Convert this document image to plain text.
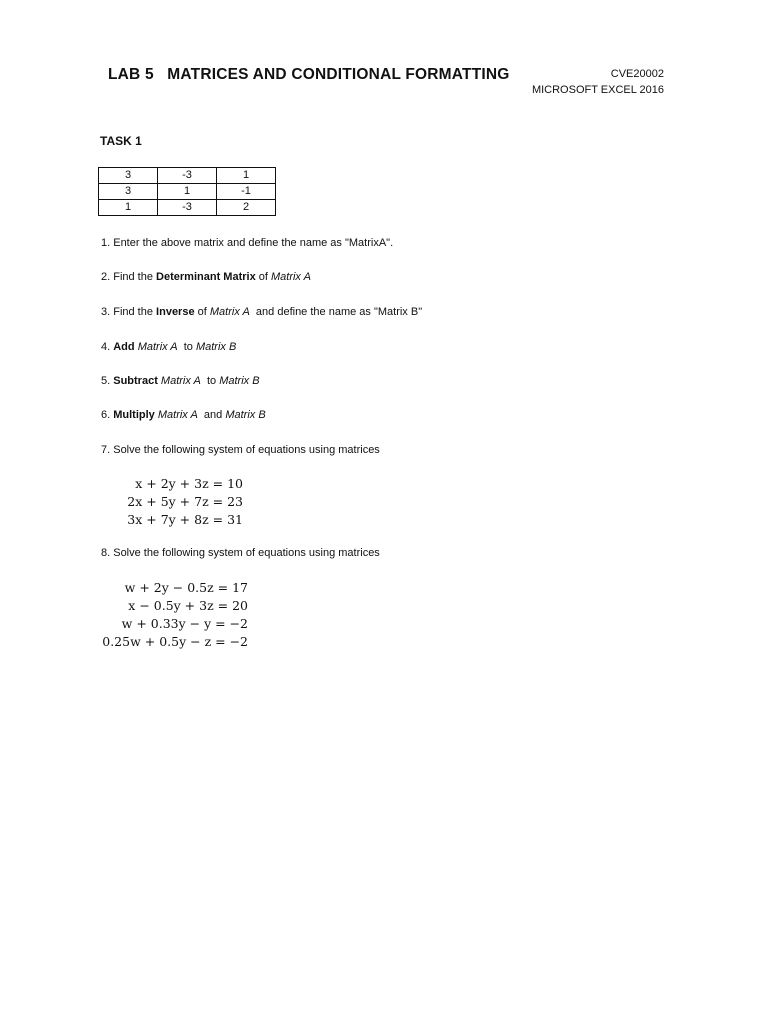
LAB 5   MATRICES AND CONDITIONAL FORMATTING	CVE20002
MICROSOFT EXCEL 2016
TASK 1
3	-3	1
3	1	-1
1	-3	2
1. Enter the above matrix and define the name as "MatrixA".
2. Find the Determinant Matrix of Matrix A
3. Find the Inverse of Matrix A  and define the name as "Matrix B"
4. Add Matrix A  to Matrix B
5. Subtract Matrix A  to Matrix B
6. Multiply Matrix A  and Matrix B
7. Solve the following system of equations using matrices
8. Solve the following system of equations using matrices
x + 2y + 3z = 10
2x + 5y + 7z = 23
3x + 7y + 8z = 31
w + 2y − 0.5z = 17
x − 0.5y + 3z = 20
w + 0.33y − y = −2
0.25w + 0.5y − z = −2
